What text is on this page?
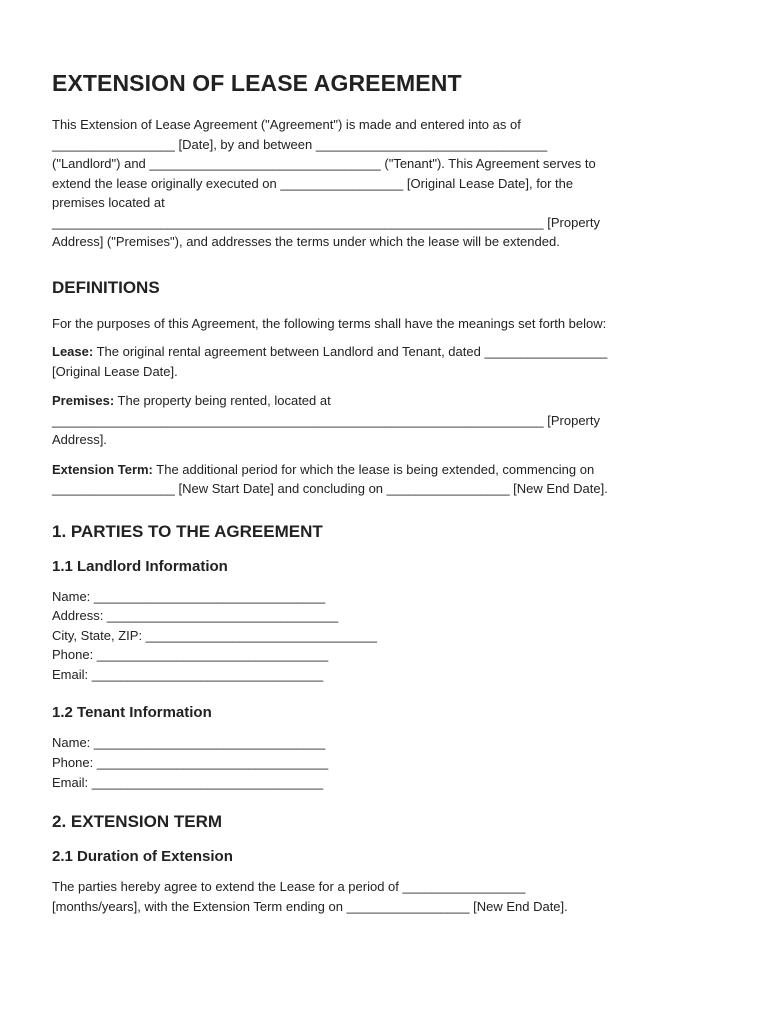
EXTENSION OF LEASE AGREEMENT

This Extension of Lease Agreement ("Agreement") is made and entered into as of

_________________ [Date], by and between ________________________________

("Landlord") and ________________________________ ("Tenant"). This Agreement serves to

extend the lease originally executed on _________________ [Original Lease Date], for the

premises located at

____________________________________________________________________ [Property

Address] ("Premises"), and addresses the terms under which the lease will be extended.

DEFINITIONS

For the purposes of this Agreement, the following terms shall have the meanings set forth below:

Lease: The original rental agreement between Landlord and Tenant, dated _________________

[Original Lease Date].

Premises: The property being rented, located at

____________________________________________________________________ [Property

Address].

Extension Term: The additional period for which the lease is being extended, commencing on

_________________ [New Start Date] and concluding on _________________ [New End Date].

1. PARTIES TO THE AGREEMENT
1.1 Landlord Information
Name: ________________________________
Address: ________________________________
City, State, ZIP: ________________________________
Phone: ________________________________
Email: ________________________________
1.2 Tenant Information
Name: ________________________________
Phone: ________________________________
Email: ________________________________
2. EXTENSION TERM
2.1 Duration of Extension

The parties hereby agree to extend the Lease for a period of _________________

[months/years], with the Extension Term ending on _________________ [New End Date].
